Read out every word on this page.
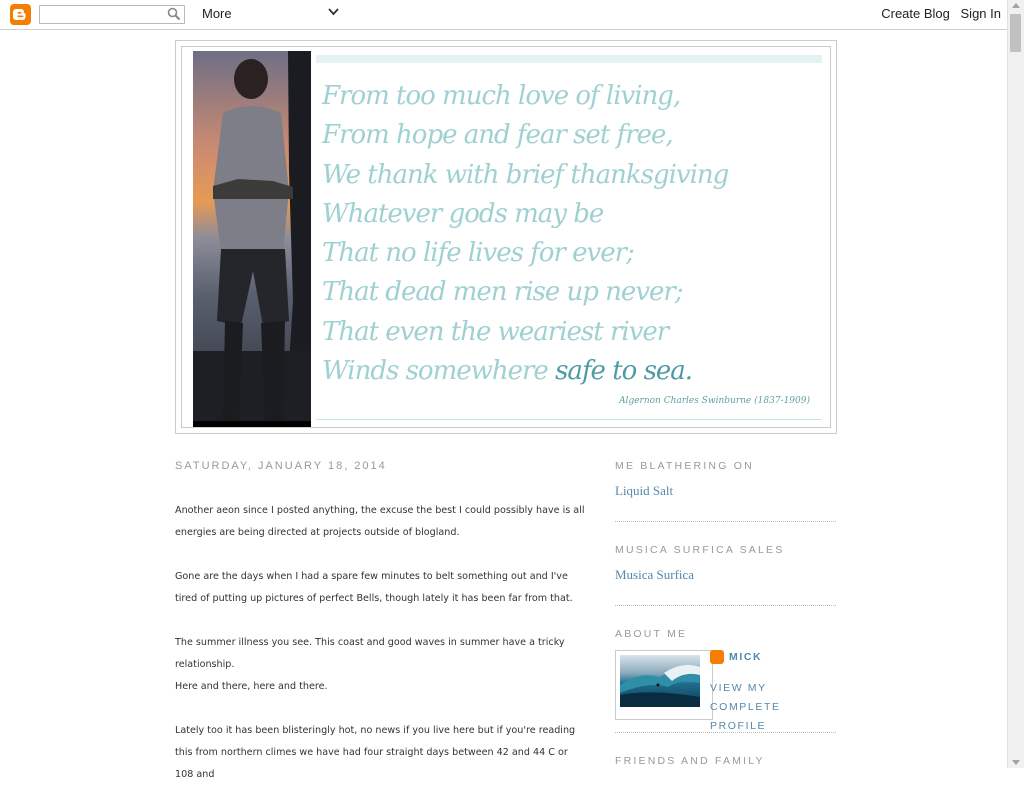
More	Create Blog Sign In
From too much love of living,
From hope and fear set free,
We thank with brief thanksgiving
Whatever gods may be
That no life lives for ever;
That dead men rise up never;
That even the weariest river
Winds somewhere safe to sea.
Algernon Charles Swinburne (1837-1909)
SATURDAY, JANUARY 18, 2014

Another aeon since I posted anything, the excuse the best I could possibly have is all energies are being directed at projects outside of blogland.

Gone are the days when I had a spare few minutes to belt something out and I've tired of putting up pictures of perfect Bells, though lately it has been far from that.

The summer illness you see. This coast and good waves in summer have a tricky relationship.

Here and there, here and there.

Lately too it has been blisteringly hot, no news if you live here but if you're reading this from northern climes we have had four straight days between 42 and 44 C or 108 and

ME BLATHERING ON
Liquid Salt
MUSICA SURFICA SALES
Musica Surfica
ABOUT ME
MICK
VIEW MY COMPLETE PROFILE
FRIENDS AND FAMILY
